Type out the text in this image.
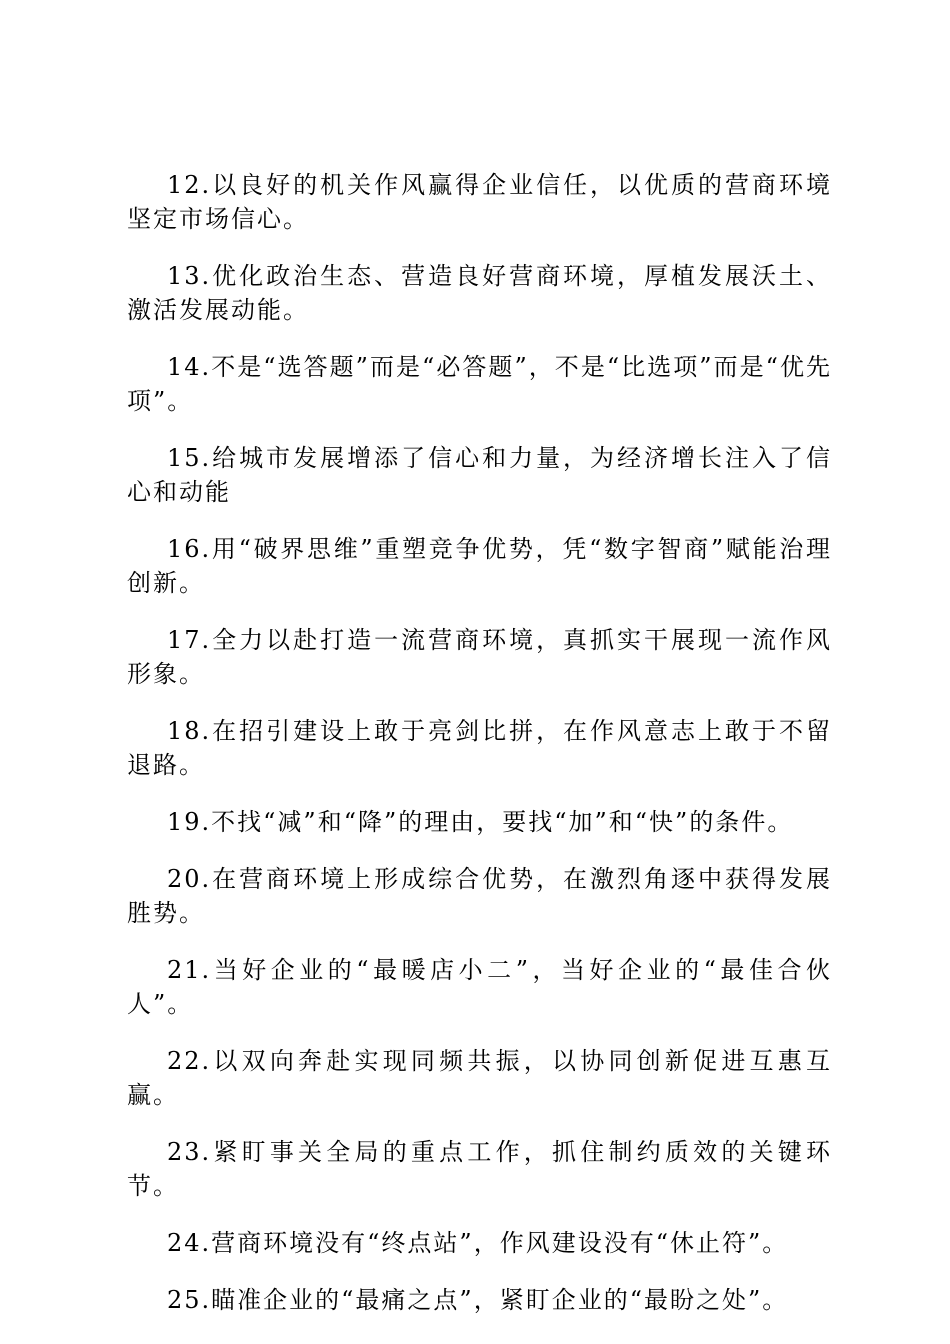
12.以良好的机关作风赢得企业信任，以优质的营商环境坚定市场信心。

13.优化政治生态、营造良好营商环境，厚植发展沃土、激活发展动能。

14.不是“选答题”而是“必答题”，不是“比选项”而是“优先项”。

15.给城市发展增添了信心和力量，为经济增长注入了信心和动能

16.用“破界思维”重塑竞争优势，凭“数字智商”赋能治理创新。

17.全力以赴打造一流营商环境，真抓实干展现一流作风形象。

18.在招引建设上敢于亮剑比拼，在作风意志上敢于不留退路。

19.不找“减”和“降”的理由，要找“加”和“快”的条件。

20.在营商环境上形成综合优势，在激烈角逐中获得发展胜势。

21.当好企业的“最暖店小二”，当好企业的“最佳合伙人”。

22.以双向奔赴实现同频共振，以协同创新促进互惠互赢。

23.紧盯事关全局的重点工作，抓住制约质效的关键环节。

24.营商环境没有“终点站”，作风建设没有“休止符”。

25.瞄准企业的“最痛之点”，紧盯企业的“最盼之处”。
